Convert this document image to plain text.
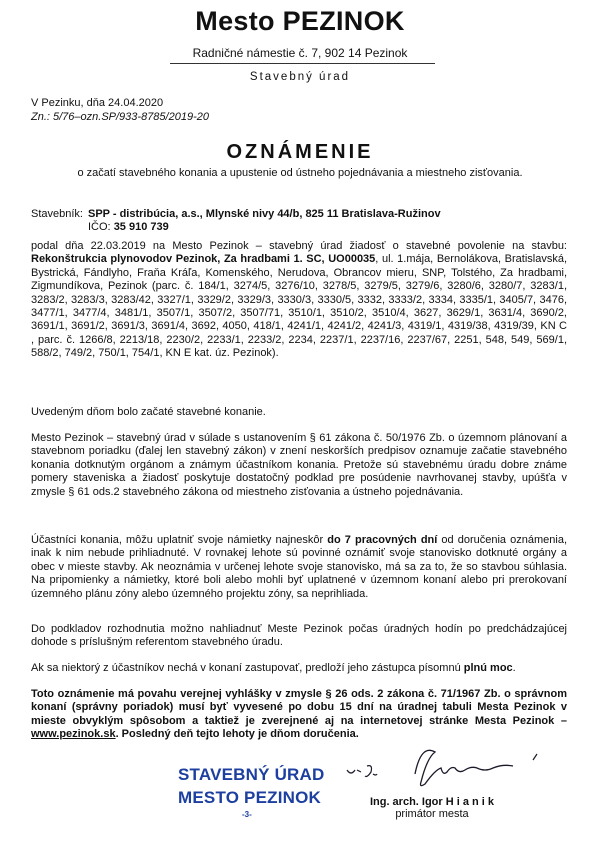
Mesto PEZINOK
Radničné námestie č. 7, 902 14 Pezinok
Stavebný úrad
V Pezinku, dňa 24.04.2020
Zn.: 5/76–ozn.SP/933-8785/2019-20
OZNÁMENIE
o začatí stavebného konania a upustenie od ústneho pojednávania a miestneho zisťovania.
Stavebník: SPP - distribúcia, a.s., Mlynské nivy 44/b, 825 11 Bratislava-Ružinov
IČO: 35 910 739

podal dňa 22.03.2019 na Mesto Pezinok – stavebný úrad žiadosť o stavebné povolenie na stavbu: Rekonštrukcia plynovodov Pezinok, Za hradbami 1. SC, UO00035, ul. 1.mája, Bernolákova, Bratislavská, Bystrická, Fándlyho, Fraňa Kráľa, Komenského, Nerudova, Obrancov mieru, SNP, Tolstého, Za hradbami, Zigmundíkova, Pezinok (parc. č. 184/1, 3274/5, 3276/10, 3278/5, 3279/5, 3279/6, 3280/6, 3280/7, 3283/1, 3283/2, 3283/3, 3283/42, 3327/1, 3329/2, 3329/3, 3330/3, 3330/5, 3332, 3333/2, 3334, 3335/1, 3405/7, 3476, 3477/1, 3477/4, 3481/1, 3507/1, 3507/2, 3507/71, 3510/1, 3510/2, 3510/4, 3627, 3629/1, 3631/4, 3690/2, 3691/1, 3691/2, 3691/3, 3691/4, 3692, 4050, 418/1, 4241/1, 4241/2, 4241/3, 4319/1, 4319/38, 4319/39, KN C , parc. č. 1266/8, 2213/18, 2230/2, 2233/1, 2233/2, 2234, 2237/1, 2237/16, 2237/67, 2251, 548, 549, 569/1, 588/2, 749/2, 750/1, 754/1, KN E kat. úz. Pezinok).

Uvedeným dňom bolo začaté stavebné konanie.
Mesto Pezinok – stavebný úrad v súlade s ustanovením § 61 zákona č. 50/1976 Zb. o územnom plánovaní a stavebnom poriadku (ďalej len stavebný zákon) v znení neskorších predpisov oznamuje začatie stavebného konania dotknutým orgánom a známym účastníkom konania. Pretože sú stavebnému úradu dobre známe pomery staveniska a žiadosť poskytuje dostatočný podklad pre posúdenie navrhovanej stavby, upúšťa v zmysle § 61 ods.2 stavebného zákona od miestneho zisťovania a ústneho pojednávania.

Účastníci konania, môžu uplatniť svoje námietky najneskôr do 7 pracovných dní od doručenia oznámenia, inak k nim nebude prihliadnuté. V rovnakej lehote sú povinné oznámiť svoje stanovisko dotknuté orgány a obec v mieste stavby. Ak neoznámia v určenej lehote svoje stanovisko, má sa za to, že so stavbou súhlasia. Na pripomienky a námietky, ktoré boli alebo mohli byť uplatnené v územnom konaní alebo pri prerokovaní územného plánu zóny alebo územného projektu zóny, sa neprihliada.

Do podkladov rozhodnutia možno nahliadnuť Meste Pezinok počas úradných hodín po predchádzajúcej dohode s príslušným referentom stavebného úradu.

Ak sa niektorý z účastníkov nechá v konaní zastupovať, predloží jeho zástupca písomnú plnú moc.

Toto oznámenie má povahu verejnej vyhlášky v zmysle § 26 ods. 2 zákona č. 71/1967 Zb. o správnom konaní (správny poriadok) musí byť vyvesené po dobu 15 dní na úradnej tabuli Mesta Pezinok v mieste obvyklým spôsobom a taktiež je zverejnené aj na internetovej stránke Mesta Pezinok – www.pezinok.sk. Posledný deň tejto lehoty je dňom doručenia.

STAVEBNÝ ÚRAD
MESTO PEZINOK
-3-
Ing. arch. Igor H i a n i k
primátor mesta
